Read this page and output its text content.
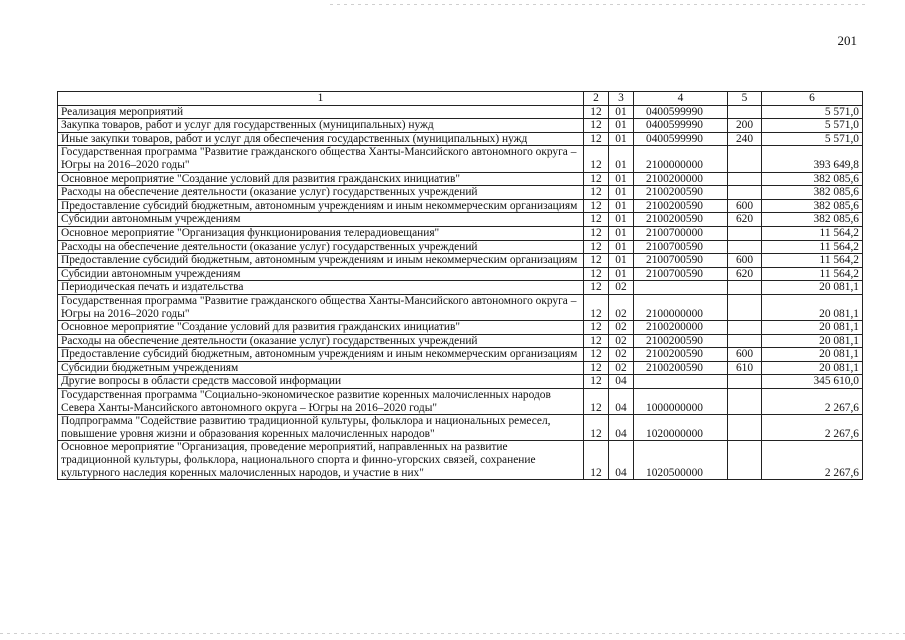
201
1	2	3	4	5	6
Реализация мероприятий	12	01	0400599990		5 571,0
Закупка товаров, работ и услуг для государственных (муниципальных) нужд	12	01	0400599990	200	5 571,0
Иные закупки товаров, работ и услуг для обеспечения государственных (муниципальных) нужд	12	01	0400599990	240	5 571,0
Государственная программа "Развитие гражданского общества Ханты-Мансийского автономного округа – Югры на 2016–2020 годы"	12	01	2100000000		393 649,8
Основное мероприятие "Создание условий для развития гражданских инициатив"	12	01	2100200000		382 085,6
Расходы на обеспечение деятельности (оказание услуг) государственных учреждений	12	01	2100200590		382 085,6
Предоставление субсидий бюджетным, автономным учреждениям и иным некоммерческим организациям	12	01	2100200590	600	382 085,6
Субсидии автономным учреждениям	12	01	2100200590	620	382 085,6
Основное мероприятие "Организация функционирования телерадиовещания"	12	01	2100700000		11 564,2
Расходы на обеспечение деятельности (оказание услуг) государственных учреждений	12	01	2100700590		11 564,2
Предоставление субсидий бюджетным, автономным учреждениям и иным некоммерческим организациям	12	01	2100700590	600	11 564,2
Субсидии автономным учреждениям	12	01	2100700590	620	11 564,2
Периодическая печать и издательства	12	02			20 081,1
Государственная программа "Развитие гражданского общества Ханты-Мансийского автономного округа – Югры на 2016–2020 годы"	12	02	2100000000		20 081,1
Основное мероприятие "Создание условий для развития гражданских инициатив"	12	02	2100200000		20 081,1
Расходы на обеспечение деятельности (оказание услуг) государственных учреждений	12	02	2100200590		20 081,1
Предоставление субсидий бюджетным, автономным учреждениям и иным некоммерческим организациям	12	02	2100200590	600	20 081,1
Субсидии бюджетным учреждениям	12	02	2100200590	610	20 081,1
Другие вопросы в области средств массовой информации	12	04			345 610,0
Государственная программа "Социально-экономическое развитие коренных малочисленных народов Севера Ханты-Мансийского автономного округа – Югры на 2016–2020 годы"	12	04	1000000000		2 267,6
Подпрограмма "Содействие развитию традиционной культуры, фольклора и национальных ремесел, повышение уровня жизни и образования коренных малочисленных народов"	12	04	1020000000		2 267,6
Основное мероприятие "Организация, проведение мероприятий, направленных на развитие традиционной культуры, фольклора, национального спорта и финно-угорских связей, сохранение культурного наследия коренных малочисленных народов, и участие в них"	12	04	1020500000		2 267,6
